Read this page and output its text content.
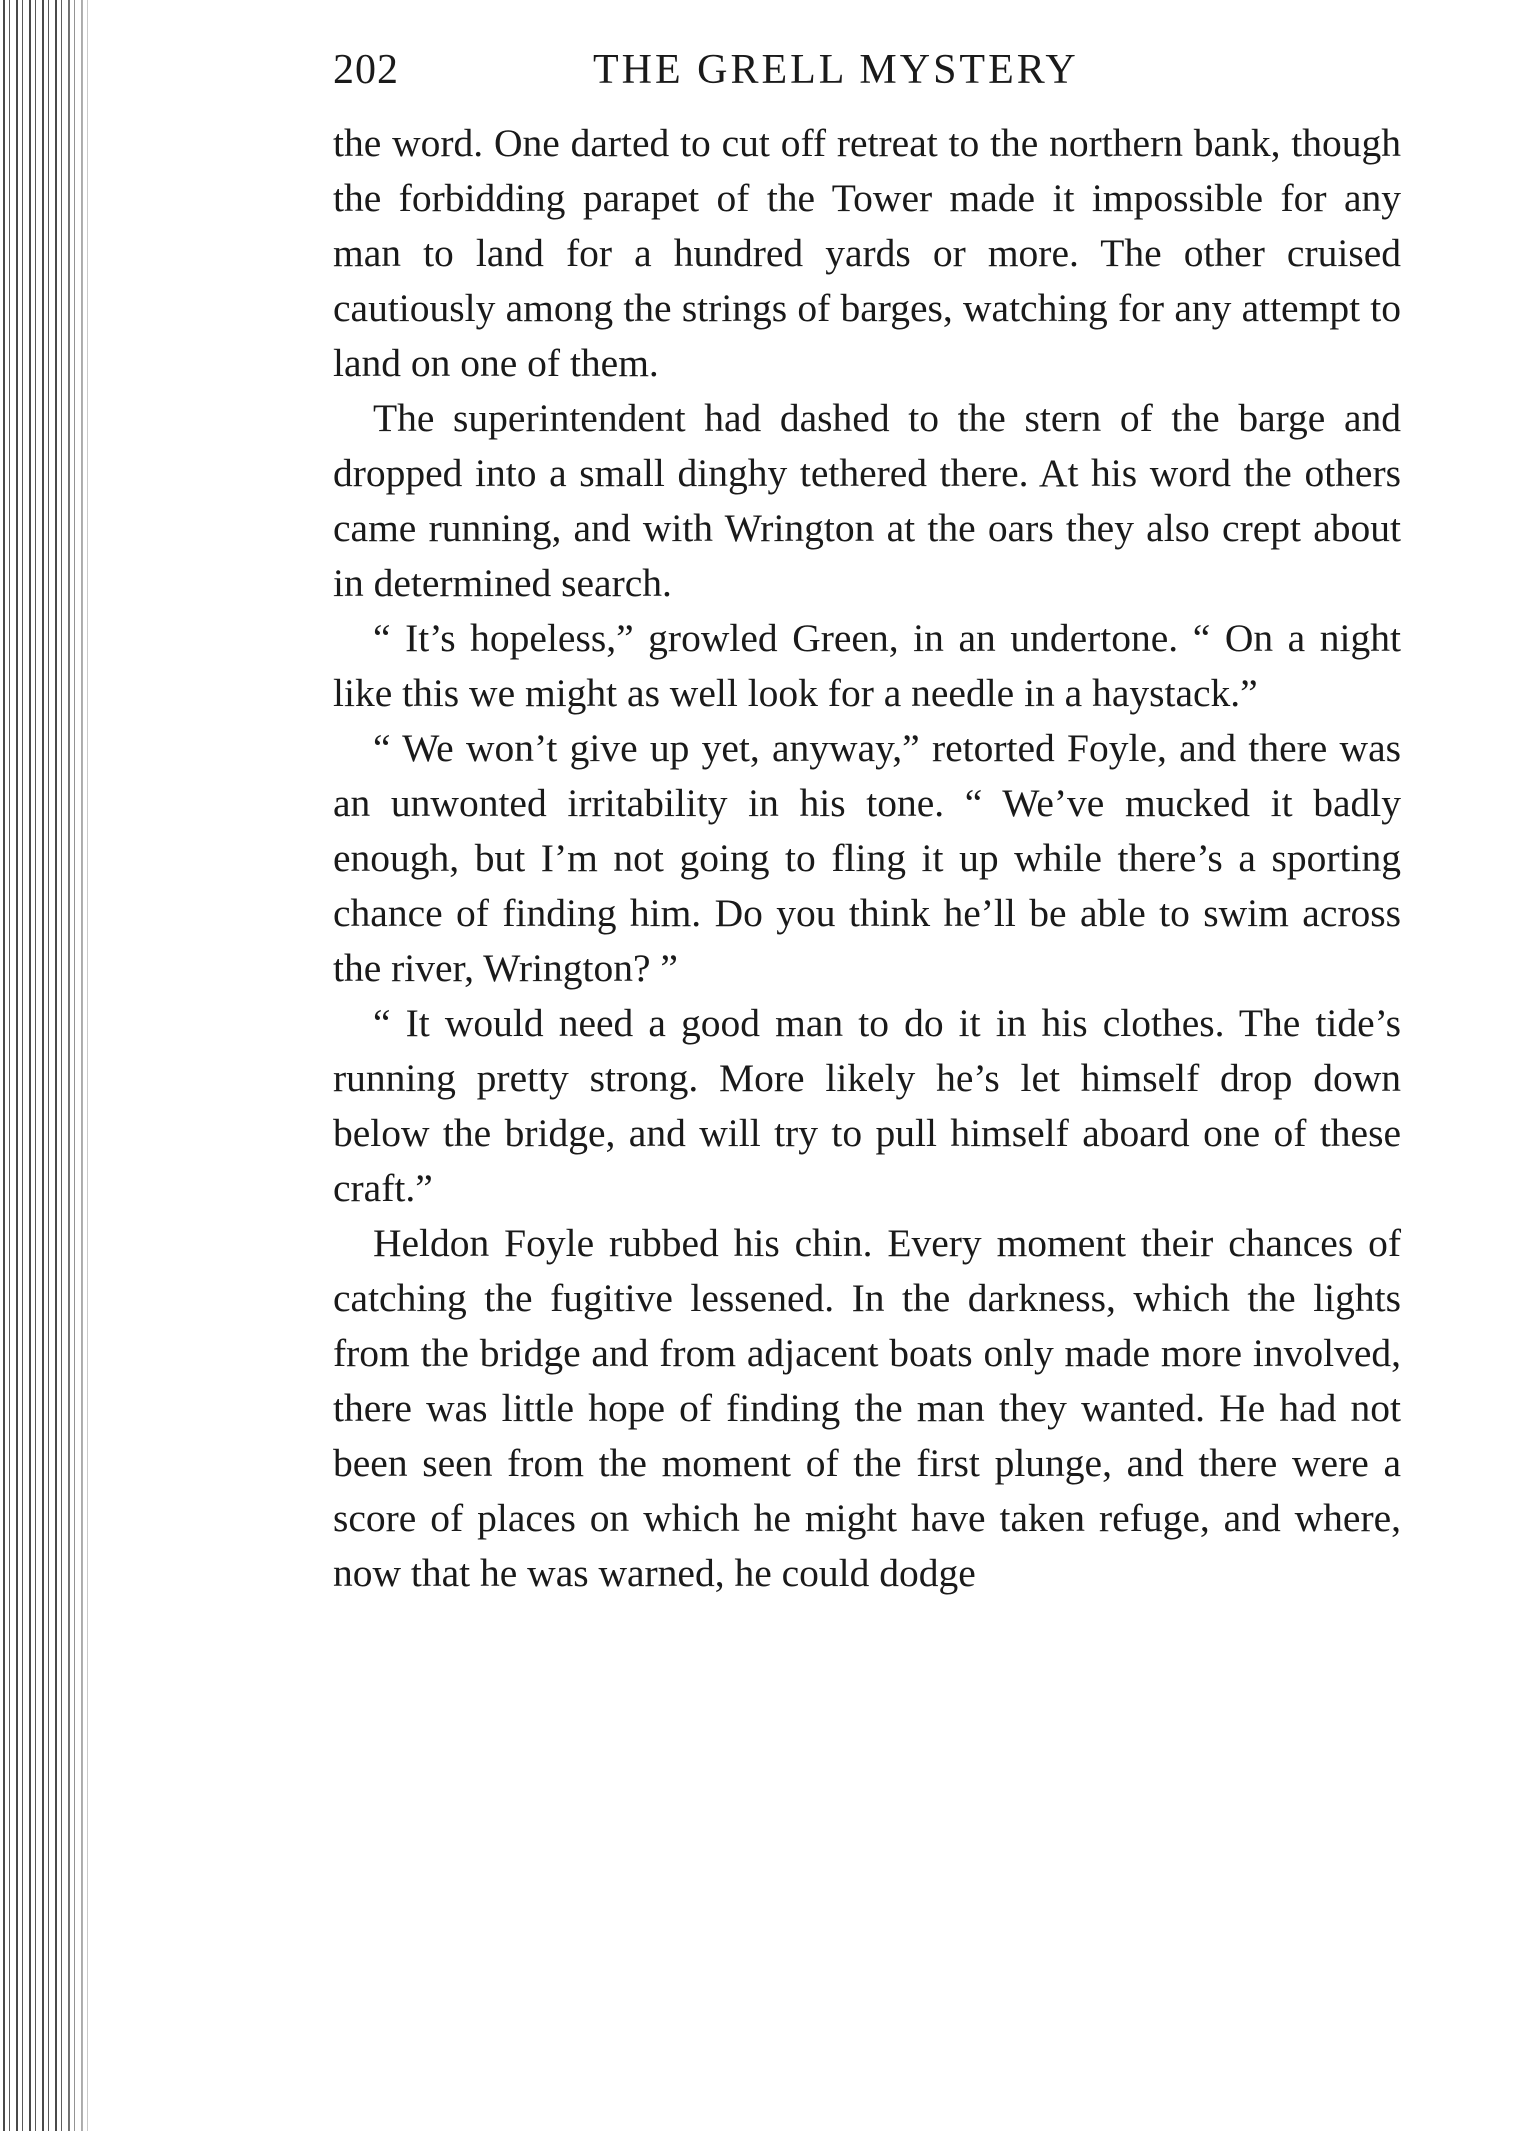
202	THE GRELL MYSTERY

the word. One darted to cut off retreat to the northern bank, though the forbidding parapet of the Tower made it impossible for any man to land for a hundred yards or more. The other cruised cautiously among the strings of barges, watching for any attempt to land on one of them.

The superintendent had dashed to the stern of the barge and dropped into a small dinghy tethered there. At his word the others came running, and with Wrington at the oars they also crept about in determined search.

“ It’s hopeless,” growled Green, in an undertone. “ On a night like this we might as well look for a needle in a haystack.”

“ We won’t give up yet, anyway,” retorted Foyle, and there was an unwonted irritability in his tone. “ We’ve mucked it badly enough, but I’m not going to fling it up while there’s a sporting chance of finding him. Do you think he’ll be able to swim across the river, Wrington? ”

“ It would need a good man to do it in his clothes. The tide’s running pretty strong. More likely he’s let himself drop down below the bridge, and will try to pull himself aboard one of these craft.”

Heldon Foyle rubbed his chin. Every moment their chances of catching the fugitive lessened. In the darkness, which the lights from the bridge and from adjacent boats only made more involved, there was little hope of finding the man they wanted. He had not been seen from the moment of the first plunge, and there were a score of places on which he might have taken refuge, and where, now that he was warned, he could dodge
